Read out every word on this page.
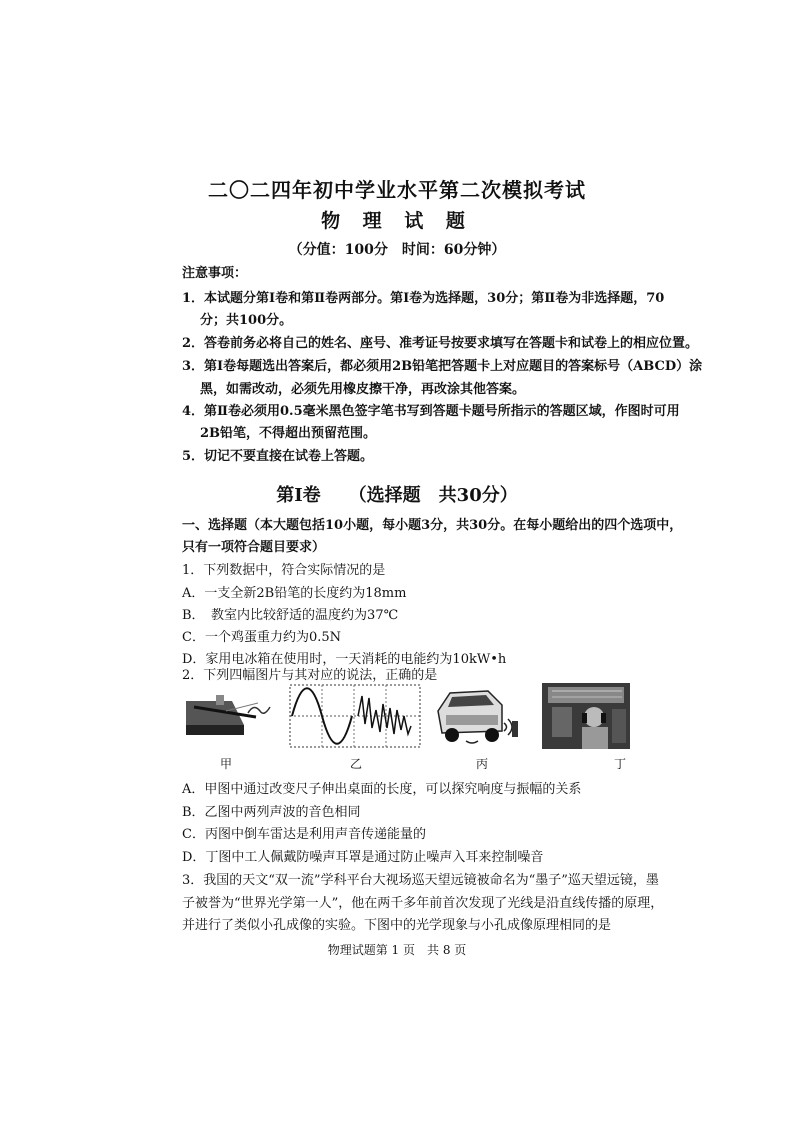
二〇二四年初中学业水平第二次模拟考试
物 理 试 题
（分值：100分　时间：60分钟）
注意事项：
1．本试题分第Ⅰ卷和第Ⅱ卷两部分。第Ⅰ卷为选择题，30分；第Ⅱ卷为非选择题，70
分；共100分。
2．答卷前务必将自己的姓名、座号、准考证号按要求填写在答题卡和试卷上的相应位置。
3．第Ⅰ卷每题选出答案后，都必须用2B铅笔把答题卡上对应题目的答案标号（ABCD）涂
黑，如需改动，必须先用橡皮擦干净，再改涂其他答案。
4．第Ⅱ卷必须用0.5毫米黑色签字笔书写到答题卡题号所指示的答题区域，作图时可用
2B铅笔，不得超出预留范围。
5．切记不要直接在试卷上答题。
第Ⅰ卷 （选择题　共30分）
一、选择题（本大题包括10小题，每小题3分，共30分。在每小题给出的四个选项中，
只有一项符合题目要求）
1．下列数据中，符合实际情况的是
A．一支全新2B铅笔的长度约为18mm
B．　教室内比较舒适的温度约为37℃
C．一个鸡蛋重力约为0.5N
D．家用电冰箱在使用时，一天消耗的电能约为10kW•h
2．下列四幅图片与其对应的说法，正确的是
甲	乙	丙	丁
A．甲图中通过改变尺子伸出桌面的长度，可以探究响度与振幅的关系
B．乙图中两列声波的音色相同
C．丙图中倒车雷达是利用声音传递能量的
D．丁图中工人佩戴防噪声耳罩是通过防止噪声入耳来控制噪音
3．我国的天文“双一流”学科平台大视场巡天望远镜被命名为“墨子”巡天望远镜，墨
子被誉为“世界光学第一人”，他在两千多年前首次发现了光线是沿直线传播的原理，
并进行了类似小孔成像的实验。下图中的光学现象与小孔成像原理相同的是
物理试题第 1 页 共 8 页
